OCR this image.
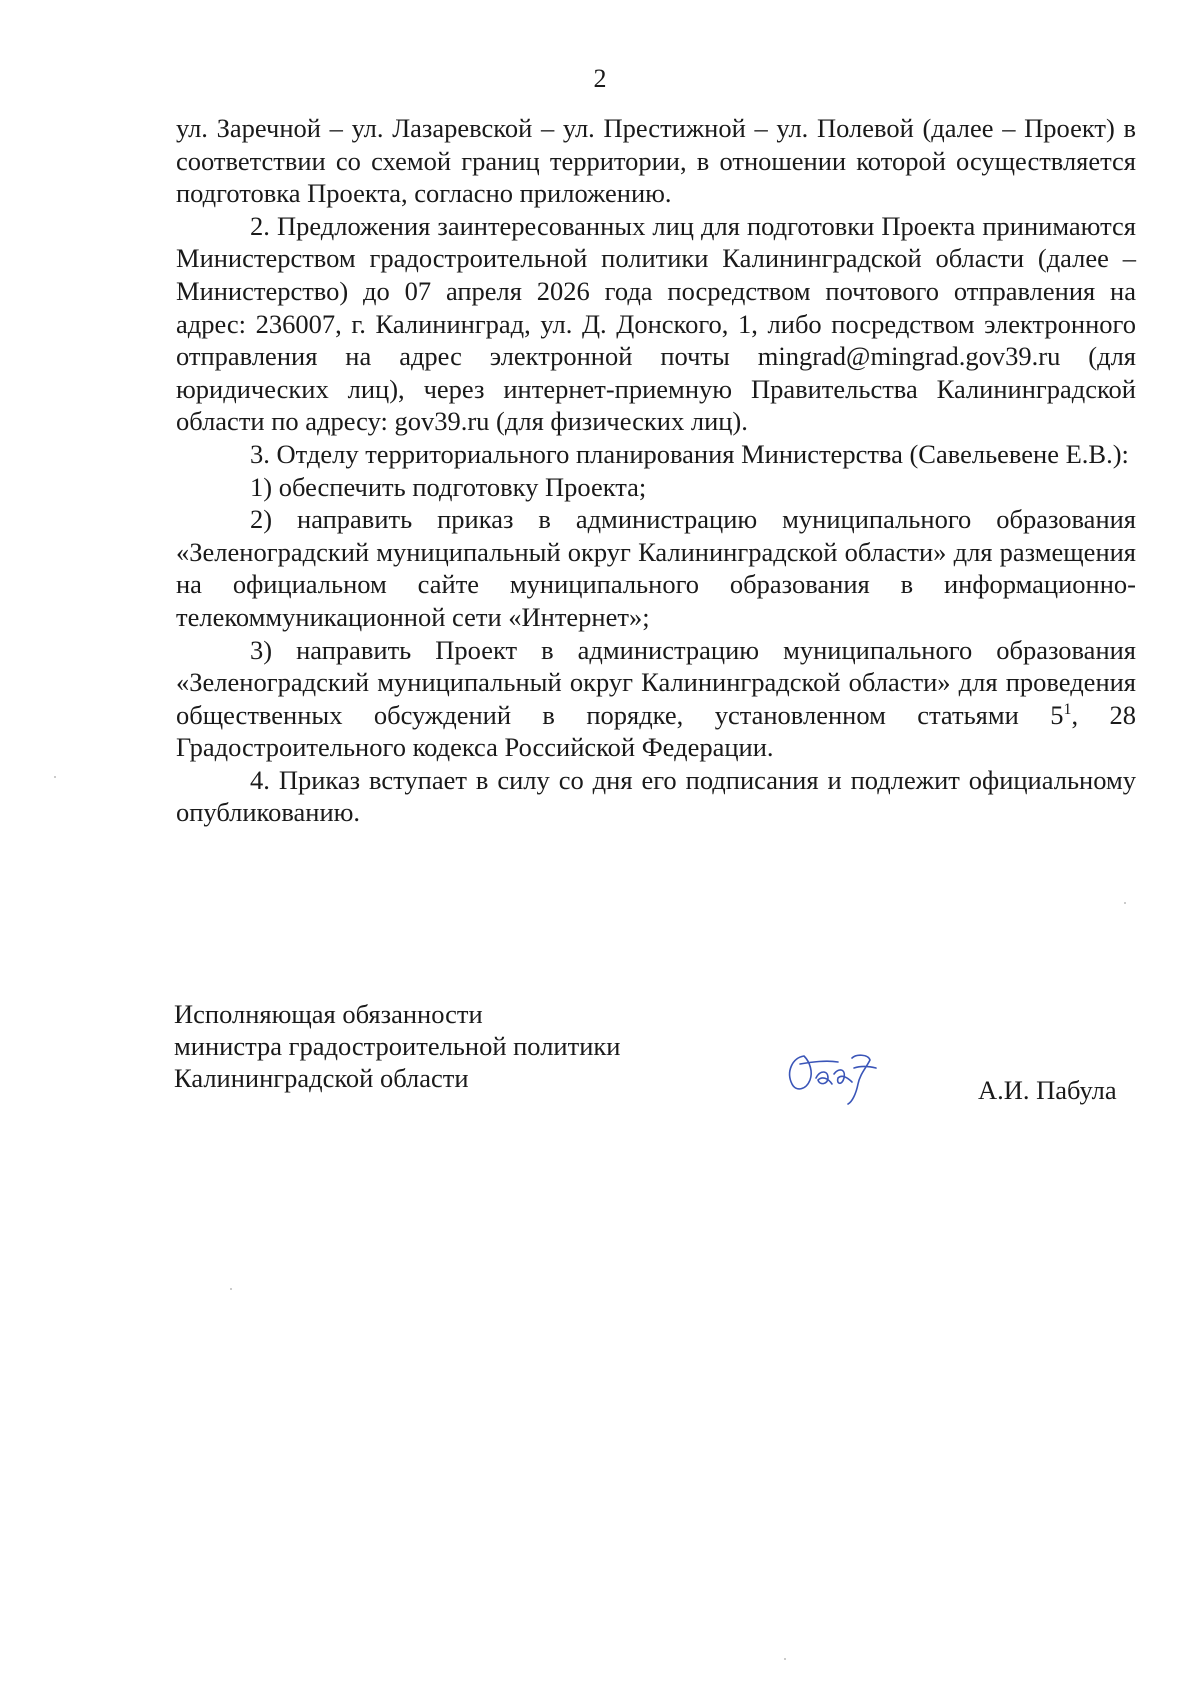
2

ул. Заречной – ул. Лазаревской – ул. Престижной – ул. Полевой (далее – Проект) в соответствии со схемой границ территории, в отношении которой осуществляется подготовка Проекта, согласно приложению.

2. Предложения заинтересованных лиц для подготовки Проекта принимаются Министерством градостроительной политики Калининградской области (далее – Министерство) до 07 апреля 2026 года посредством почтового отправления на адрес: 236007, г. Калининград, ул. Д. Донского, 1, либо посредством электронного отправления на адрес электронной почты mingrad@mingrad.gov39.ru (для юридических лиц), через интернет-приемную Правительства Калининградской области по адресу: gov39.ru (для физических лиц).

3. Отделу территориального планирования Министерства (Савельевене Е.В.):

1) обеспечить подготовку Проекта;

2) направить приказ в администрацию муниципального образования «Зеленоградский муниципальный округ Калининградской области» для размещения на официальном сайте муниципального образования в информационно-телекоммуникационной сети «Интернет»;

3) направить Проект в администрацию муниципального образования «Зеленоградский муниципальный округ Калининградской области» для проведения общественных обсуждений в порядке, установленном статьями $5^1$, 28 Градостроительного кодекса Российской Федерации.

4. Приказ вступает в силу со дня его подписания и подлежит официальному опубликованию.

Исполняющая обязанности
министра градостроительной политики
Калининградской области	А.И. Пабула
